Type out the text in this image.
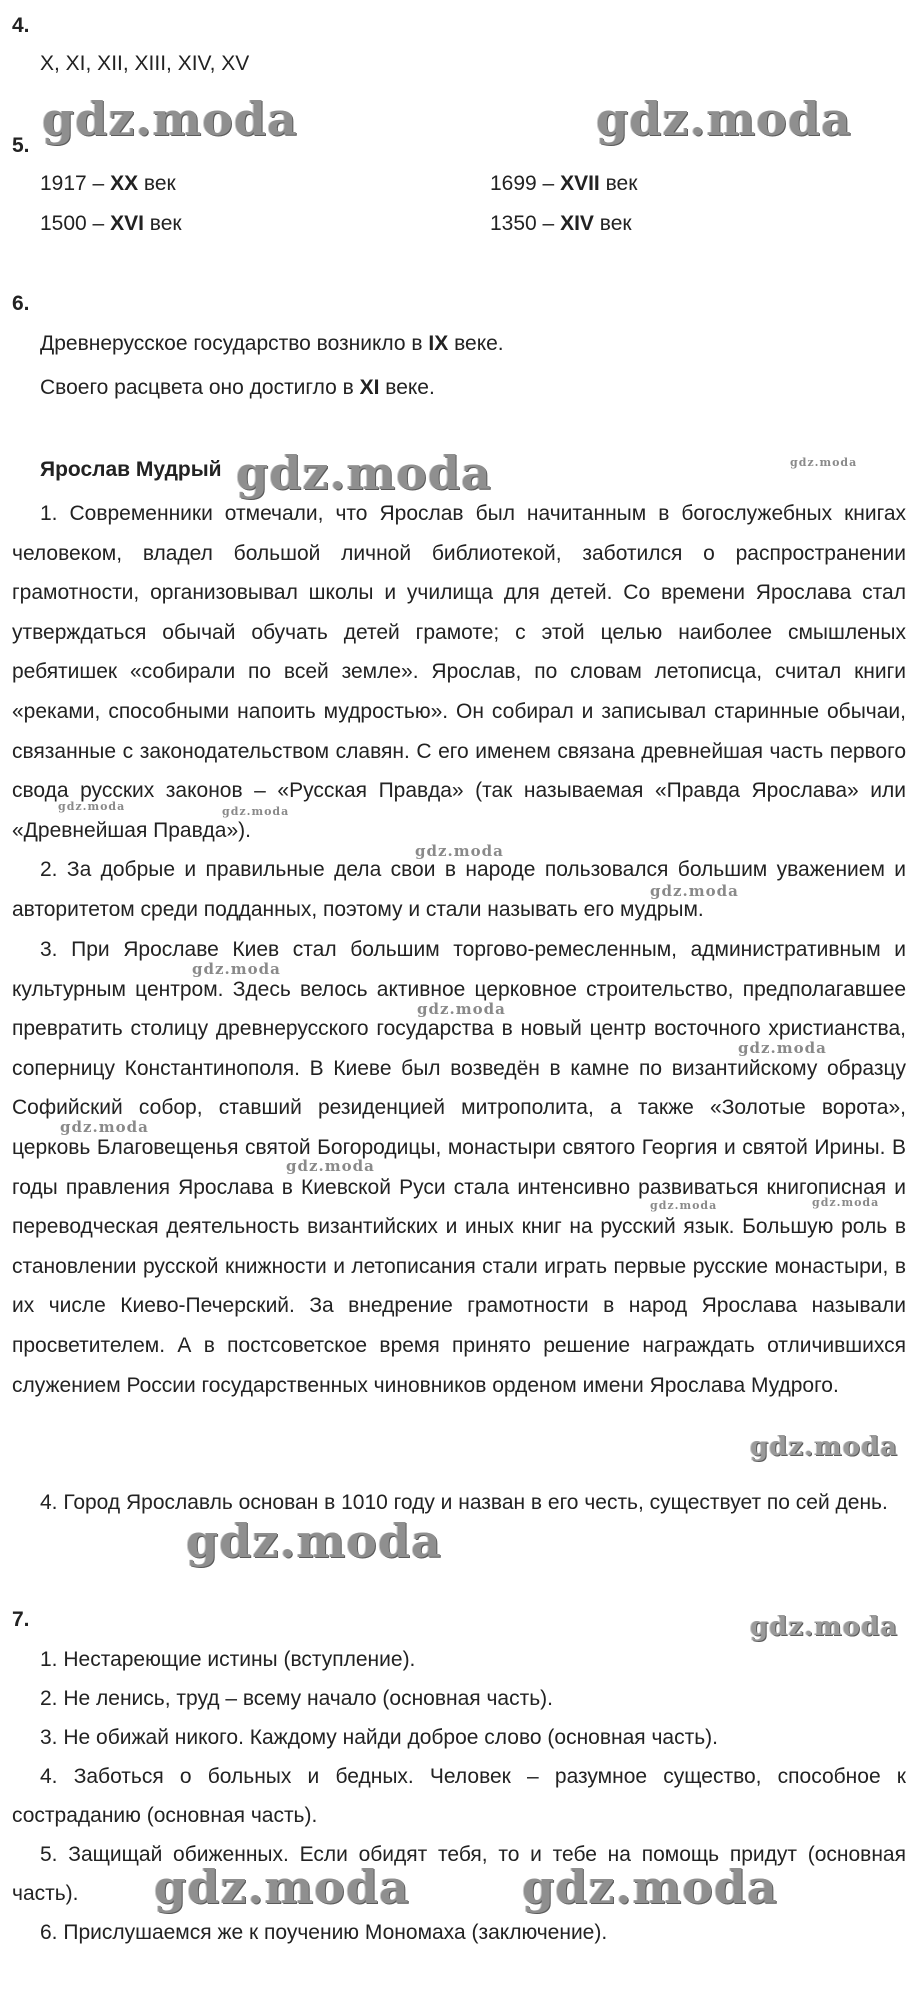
4.
X, XI, XII, XIII, XIV, XV
5.
1917 – XX век	1699 – XVII век
1500 – XVI век	1350 – XIV век
6.
Древнерусское государство возникло в IX веке.
Своего расцвета оно достигло в XI веке.
Ярослав Мудрый
1. Современники отмечали, что Ярослав был начитанным в богослужебных книгах человеком, владел большой личной библиотекой, заботился о распространении грамотности, организовывал школы и училища для детей. Со времени Ярослава стал утверждаться обычай обучать детей грамоте; с этой целью наиболее смышленых ребятишек «собирали по всей земле». Ярослав, по словам летописца, считал книги «реками, способными напоить мудростью». Он собирал и записывал старинные обычаи, связанные с законодательством славян. С его именем связана древнейшая часть первого свода русских законов – «Русская Правда» (так называемая «Правда Ярослава» или «Древнейшая Правда»).
2. За добрые и правильные дела свои в народе пользовался большим уважением и авторитетом среди подданных, поэтому и стали называть его мудрым.
3. При Ярославе Киев стал большим торгово-ремесленным, административным и культурным центром. Здесь велось активное церковное строительство, предполагавшее превратить столицу древнерусского государства в новый центр восточного христианства, соперницу Константинополя. В Киеве был возведён в камне по византийскому образцу Софийский собор, ставший резиденцией митрополита, а также «Золотые ворота», церковь Благовещенья святой Богородицы, монастыри святого Георгия и святой Ирины. В годы правления Ярослава в Киевской Руси стала интенсивно развиваться книгописная и переводческая деятельность византийских и иных книг на русский язык. Большую роль в становлении русской книжности и летописания стали играть первые русские монастыри, в их числе Киево-Печерский. За внедрение грамотности в народ Ярослава называли просветителем. А в постсоветское время принято решение награждать отличившихся служением России государственных чиновников орденом имени Ярослава Мудрого.
4. Город Ярославль основан в 1010 году и назван в его честь, существует по сей день.
7.
1. Нестареющие истины (вступление).
2. Не ленись, труд – всему начало (основная часть).
3. Не обижай никого. Каждому найди доброе слово (основная часть).
4. Заботься о больных и бедных. Человек – разумное существо, способное к состраданию (основная часть).
5. Защищай обиженных. Если обидят тебя, то и тебе на помощь придут (основная часть).
6. Прислушаемся же к поучению Мономаха (заключение).
gdz.moda	gdz.moda
gdz.moda	gdz.moda
gdz.moda	gdz.moda
gdz.moda
gdz.moda
gdz.moda
gdz.moda
gdz.moda
gdz.moda
gdz.moda
gdz.moda	gdz.moda
gdz.moda
gdz.moda
gdz.moda
gdz.moda gdz.moda
